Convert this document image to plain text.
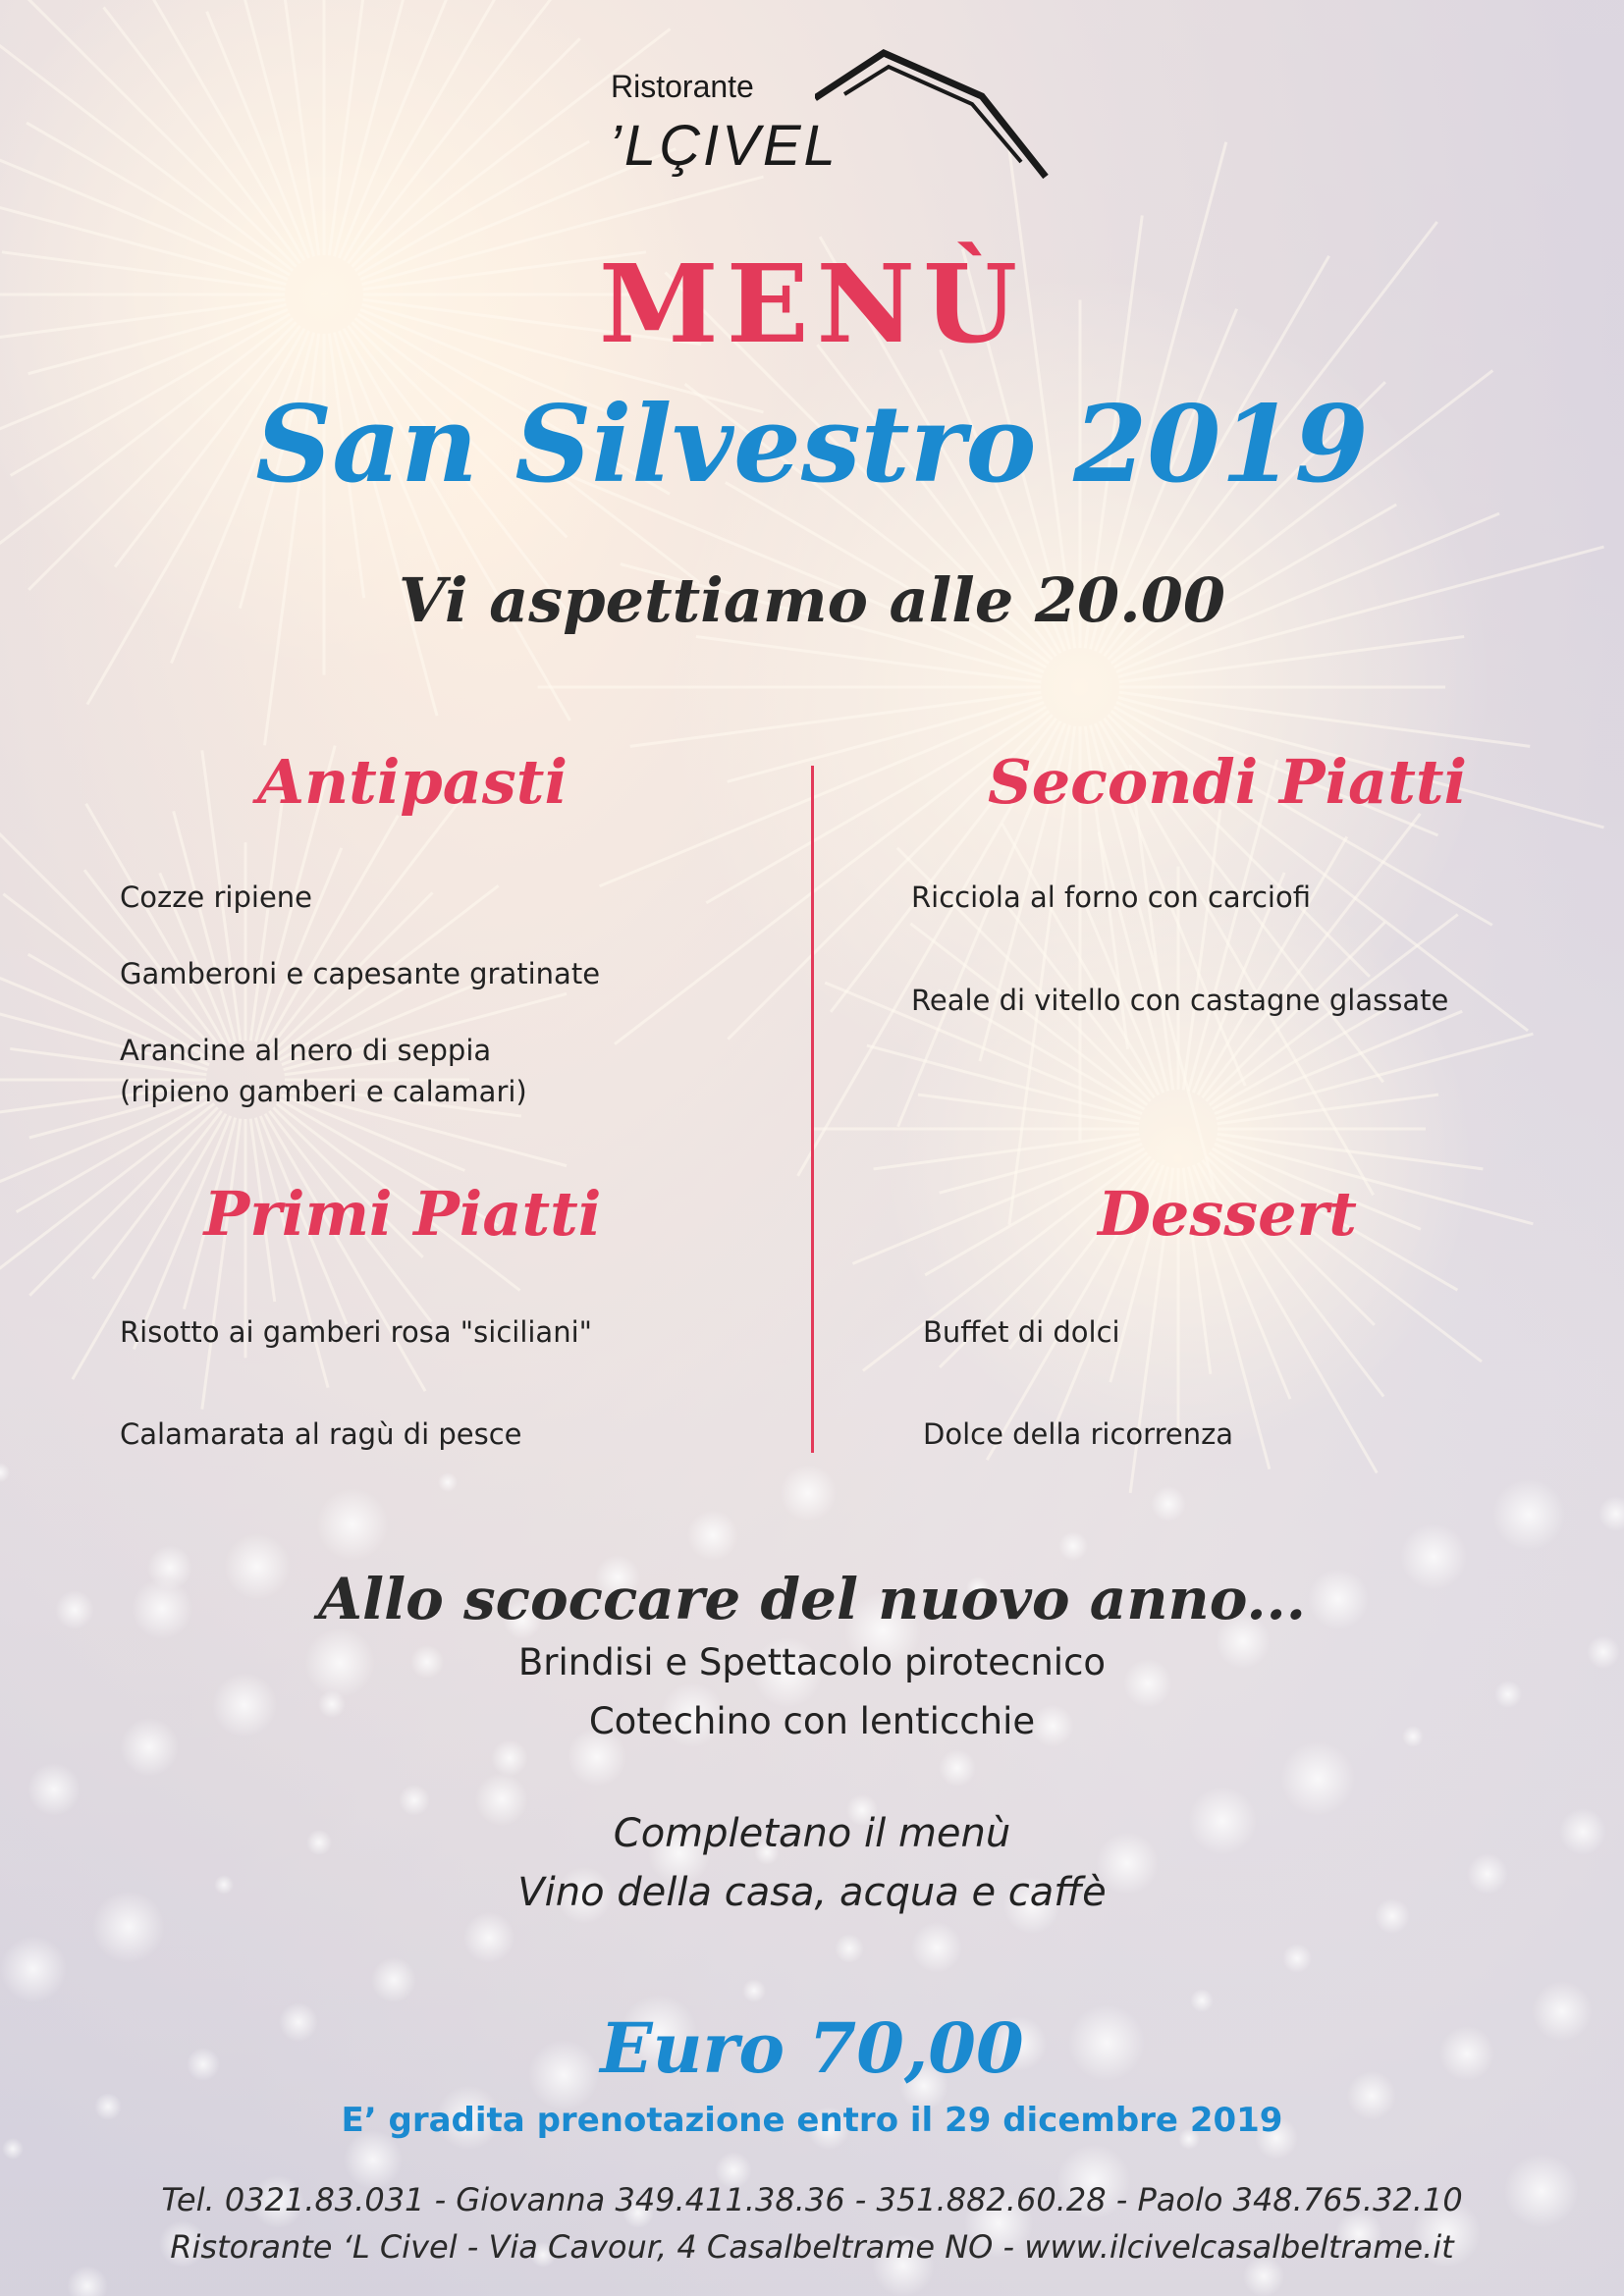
Ristorante
’LÇIVEL
MENÙ
San Silvestro 2019
Vi aspettiamo alle 20.00
Antipasti
Cozze ripiene
Gamberoni e capesante gratinate
Arancine al nero di seppia
(ripieno gamberi e calamari)
Secondi Piatti
Ricciola al forno con carciofi
Reale di vitello con castagne glassate
Primi Piatti
Risotto ai gamberi rosa "siciliani"
Calamarata al ragù di pesce
Dessert
Buffet di dolci
Dolce della ricorrenza
Allo scoccare del nuovo anno...
Brindisi e Spettacolo pirotecnico
Cotechino con lenticchie
Completano il menù
Vino della casa, acqua e caffè
Euro 70,00
E’ gradita prenotazione entro il 29 dicembre 2019
Tel. 0321.83.031 - Giovanna 349.411.38.36 - 351.882.60.28 - Paolo 348.765.32.10
Ristorante ‘L Civel - Via Cavour, 4 Casalbeltrame NO - www.ilcivelcasalbeltrame.it
